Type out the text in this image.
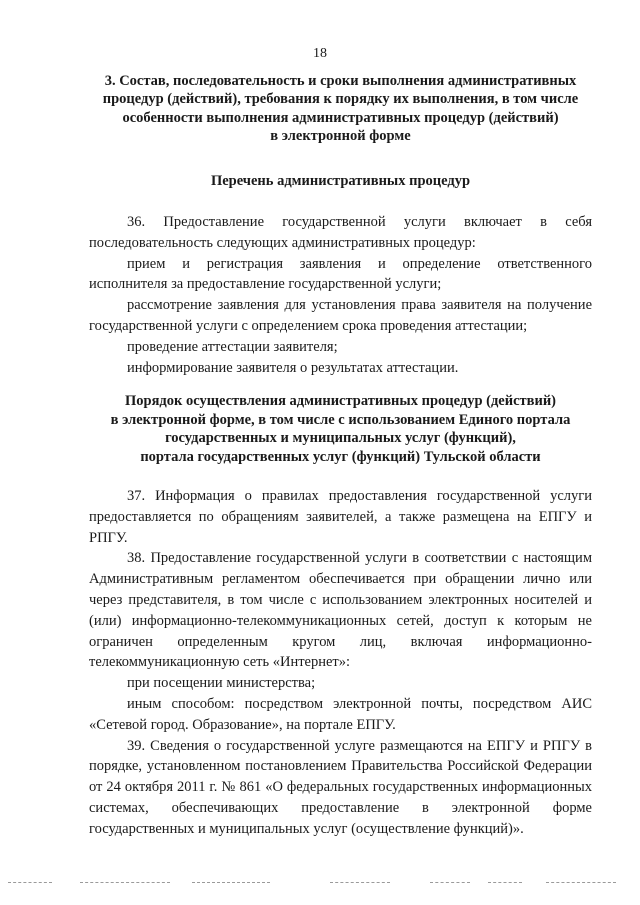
18
3. Состав, последовательность и сроки выполнения административных
процедур (действий), требования к порядку их выполнения, в том числе
особенности выполнения административных процедур (действий)
в электронной форме
Перечень административных процедур

36. Предоставление государственной услуги включает в себя последовательность следующих административных процедур:

прием и регистрация заявления и определение ответственного исполнителя за предоставление государственной услуги;

рассмотрение заявления для установления права заявителя на получение государственной услуги с определением срока проведения аттестации;

проведение аттестации заявителя;

информирование заявителя о результатах аттестации.

Порядок осуществления административных процедур (действий)
в электронной форме, в том числе с использованием Единого портала
государственных и муниципальных услуг (функций),
портала государственных услуг (функций) Тульской области

37. Информация о правилах предоставления государственной услуги предоставляется по обращениям заявителей, а также размещена на ЕПГУ и РПГУ.

38. Предоставление государственной услуги в соответствии с настоящим Административным регламентом обеспечивается при обращении лично или через представителя, в том числе с использованием электронных носителей и (или) информационно-телекоммуникационных сетей, доступ к которым не ограничен определенным кругом лиц, включая информационно-телекоммуникационную сеть «Интернет»:

при посещении министерства;

иным способом: посредством электронной почты, посредством АИС «Сетевой город. Образование», на портале ЕПГУ.

39. Сведения о государственной услуге размещаются на ЕПГУ и РПГУ в порядке, установленном постановлением Правительства Российской Федерации от 24 октября 2011 г. № 861 «О федеральных государственных информационных системах, обеспечивающих предоставление в электронной форме государственных и муниципальных услуг (осуществление функций)».
